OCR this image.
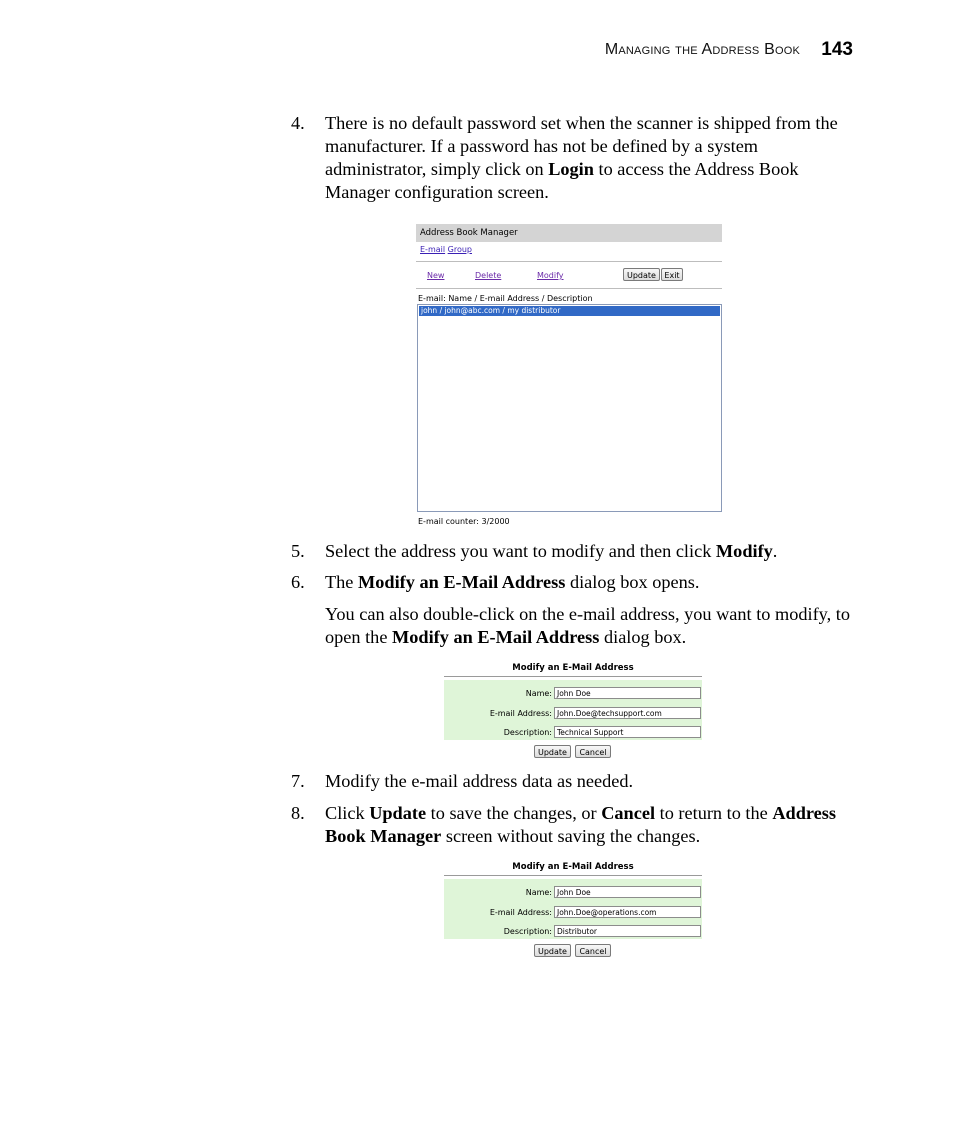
Managing the Address Book 143
4. There is no default password set when the scanner is shipped from the manufacturer. If a password has not be defined by a system administrator, simply click on Login to access the Address Book Manager configuration screen.
Address Book Manager
E-mail Group
New	Delete	Modify	Update	Exit
E-mail: Name / E-mail Address / Description
john / john@abc.com / my distributor
E-mail counter: 3/2000
5. Select the address you want to modify and then click Modify.
6. The Modify an E-Mail Address dialog box opens.
You can also double-click on the e-mail address, you want to modify, to open the Modify an E-Mail Address dialog box.
Modify an E-Mail Address
Name: John Doe
E-mail Address: John.Doe@techsupport.com
Description: Technical Support
Update	Cancel
7. Modify the e-mail address data as needed.
8. Click Update to save the changes, or Cancel to return to the Address Book Manager screen without saving the changes.
Modify an E-Mail Address
Name: John Doe
E-mail Address: John.Doe@operations.com
Description: Distributor
Update	Cancel
